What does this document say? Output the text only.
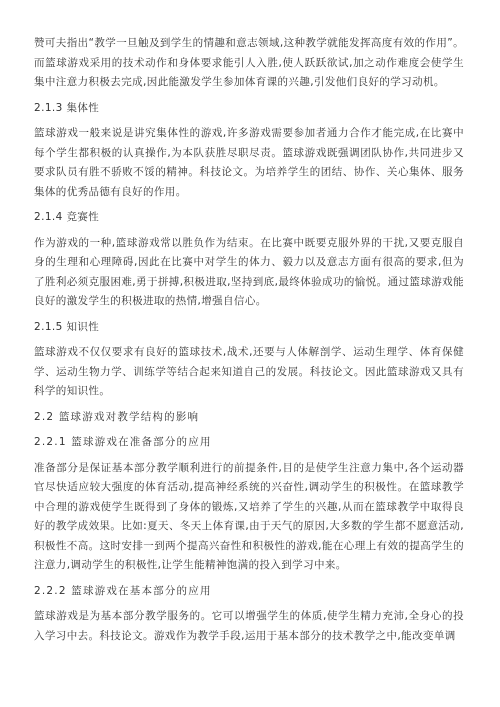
赞可夫指出“教学一旦触及到学生的情趣和意志领域,这种教学就能发挥高度有效的作用”。而篮球游戏采用的技术动作和身体要求能引人入胜,使人跃跃欲试,加之动作难度会使学生集中注意力积极去完成,因此能激发学生参加体育课的兴趣,引发他们良好的学习动机。

2.1.3 集体性

篮球游戏一般来说是讲究集体性的游戏,许多游戏需要参加者通力合作才能完成,在比赛中每个学生都积极的认真操作,为本队获胜尽职尽责。篮球游戏既强调团队协作,共同进步又要求队员有胜不骄败不馁的精神。科技论文。为培养学生的团结、协作、关心集体、服务集体的优秀品德有良好的作用。

2.1.4 竞赛性

作为游戏的一种,篮球游戏常以胜负作为结束。在比赛中既要克服外界的干扰,又要克服自身的生理和心理障碍,因此在比赛中对学生的体力、毅力以及意志方面有很高的要求,但为了胜利必须克服困难,勇于拼搏,积极进取,坚持到底,最终体验成功的愉悦。通过篮球游戏能良好的激发学生的积极进取的热情,增强自信心。

2.1.5 知识性

篮球游戏不仅仅要求有良好的篮球技术,战术,还要与人体解剖学、运动生理学、体育保健学、运动生物力学、训练学等结合起来知道自己的发展。科技论文。因此篮球游戏又具有科学的知识性。

2.2 篮球游戏对教学结构的影响
2.2.1 篮球游戏在准备部分的应用

准备部分是保证基本部分教学顺利进行的前提条件,目的是使学生注意力集中,各个运动器官尽快适应较大强度的体育活动,提高神经系统的兴奋性,调动学生的积极性。在篮球教学中合理的游戏使学生既得到了身体的锻炼,又培养了学生的兴趣,从而在篮球教学中取得良好的教学成效果。比如:夏天、冬天上体育课,由于天气的原因,大多数的学生都不愿意活动,积极性不高。这时安排一到两个提高兴奋性和积极性的游戏,能在心理上有效的提高学生的注意力,调动学生的积极性,让学生能精神饱满的投入到学习中来。

2.2.2 篮球游戏在基本部分的应用

篮球游戏是为基本部分教学服务的。它可以增强学生的体质,使学生精力充沛,全身心的投入学习中去。科技论文。游戏作为教学手段,运用于基本部分的技术教学之中,能改变单调
